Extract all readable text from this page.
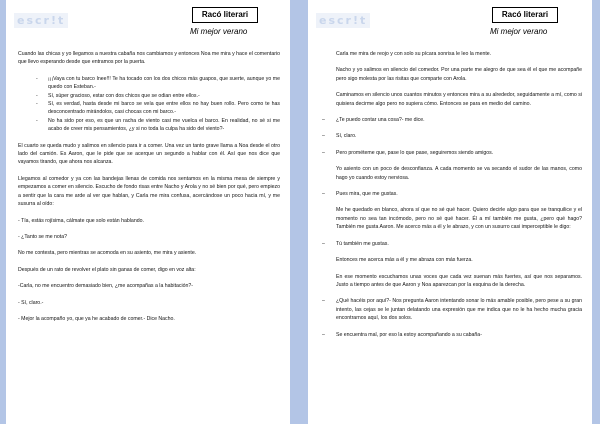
escr!t	Racó literari
Mi mejor verano

Cuando las chicas y yo llegamos a nuestra cabaña nos cambiamos y entonces Noa me mira y hace el comentario que llevo esperando desde que entramos por la puerta.

- ¡¡¡Vaya con tu barco Inee!!! Te ha tocado con los dos chicos más guapos, que suerte, aunque yo me quedo con Esteban.-
- Sí, súper gracioso, estar con dos chicos que se odian entre ellos.-
- Sí, es verdad, hasta desde mi barco se veía que entre ellos no hay buen rollo. Pero como te has desconcentrado mirándolos, casi chocas con mi barco.-
- No ha sido por eso, es que un racha de viento casi me vuelca el barco. En realidad, no sé si me acabo de creer mis pensamientos, ¿y si no toda la culpa ha sido del viento?-

El cuarto se queda mudo y salimos en silencio para ir a comer. Una vez un tanto grave llama a Noa desde el otro lado del camión. Es Aaron, que le pide que se acerque un segundo a hablar con él. Así que nos dice que vayamos tirando, que ahora nos alcanza.

Llegamos al comedor y ya con las bandejas llenas de comida nos sentamos en la misma mesa de siempre y empezamos a comer en silencio. Escucho de fondo risas entre Nacho y Arola y no sé bien por qué, pero empiezo a sentir que la cara me arde al ver que hablan, y Carla me mira confusa, acercándose un poco hacia mí, y me susurra al oído:

- Tía, estás rojísima, cálmate que solo están hablando.

- ¿Tanto se me nota?

No me contesta, pero mientras se acomoda en su asiento, me mira y asiente.

Después de un rato de revolver el plato sin ganas de comer, digo en voz alta:

-Carla, no me encuentro demasiado bien, ¿me acompañas a la habitación?-

- Sí, claro.-

- Mejor la acompaño yo, que ya he acabado de comer.- Dice Nacho.

escr!t	Racó literari
Mi mejor verano

Carla me mira de reojo y con solo su pícara sonrisa le leo la mente.

Nacho y yo salimos en silencio del comedor. Por una parte me alegro de que sea él el que me acompañe pero sigo molesta por las risitas que comparte con Arola.

Caminamos en silencio unos cuantos minutos y entonces mira a su alrededor, seguidamente a mí, como si quisiera decirme algo pero no supiera cómo. Entonces se para en medio del camino.

– ¿Te puedo contar una cosa?- me dice.

– Sí, claro.

– Pero prométeme que, pase lo que pase, seguiremos siendo amigos.

Yo asiento con un poco de desconfianza. A cada momento se va secando el sudor de las manos, como hago yo cuando estoy nerviosa.

– Pues mira, que me gustas.

Me he quedado en blanco, ahora sí que no sé qué hacer. Quiero decirle algo para que se tranquilice y el momento no sea tan incómodo, pero no sé qué hacer. Él a mí también me gusta, ¿pero qué hago? También me gusta Aaron. Me acerco más a él y le abrazo, y con un susurro casi imperceptible le digo:

– Tú también me gustas.

Entonces me acerca más a él y me abraza con más fuerza.

En ese momento escuchamos unas voces que cada vez suenan más fuertes, así que nos separamos. Justo a tiempo antes de que Aaron y Noa aparezcan por la esquina de la derecha.

– ¿Qué hacéis por aquí?- Nos pregunta Aaron intentando sonar lo más amable posible, pero pese a su gran intento, las cejas se le juntan delatando una expresión que me indica que no le ha hecho mucha gracia encontrarnos aquí, los dos solos.

– Se encuentra mal, por eso la estoy acompañando a su cabaña-
